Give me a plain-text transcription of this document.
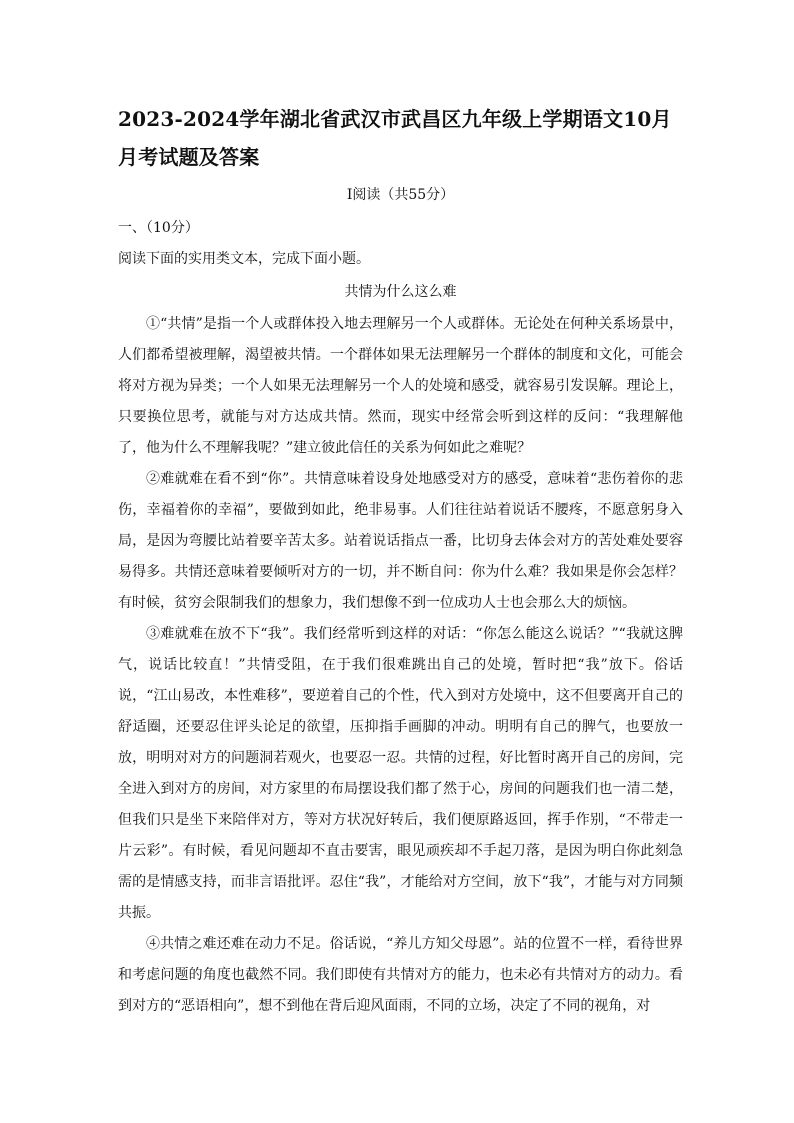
2023-2024学年湖北省武汉市武昌区九年级上学期语文10月月考试题及答案
Ⅰ阅读（共55分）
一、（10分）
阅读下面的实用类文本，完成下面小题。
共情为什么这么难

①“共情”是指一个人或群体投入地去理解另一个人或群体。无论处在何种关系场景中，人们都希望被理解，渴望被共情。一个群体如果无法理解另一个群体的制度和文化，可能会将对方视为异类；一个人如果无法理解另一个人的处境和感受，就容易引发误解。理论上，只要换位思考，就能与对方达成共情。然而，现实中经常会听到这样的反问：“我理解他了，他为什么不理解我呢？”建立彼此信任的关系为何如此之难呢？

②难就难在看不到“你”。共情意味着设身处地感受对方的感受，意味着“悲伤着你的悲伤，幸福着你的幸福”，要做到如此，绝非易事。人们往往站着说话不腰疼，不愿意躬身入局，是因为弯腰比站着要辛苦太多。站着说话指点一番，比切身去体会对方的苦处难处要容易得多。共情还意味着要倾听对方的一切，并不断自问：你为什么难？我如果是你会怎样？有时候，贫穷会限制我们的想象力，我们想像不到一位成功人士也会那么大的烦恼。

③难就难在放不下“我”。我们经常听到这样的对话：“你怎么能这么说话？”“我就这脾气，说话比较直！”共情受阻，在于我们很难跳出自己的处境，暂时把“我”放下。俗话说，“江山易改，本性难移”，要逆着自己的个性，代入到对方处境中，这不但要离开自己的舒适圈，还要忍住评头论足的欲望，压抑指手画脚的冲动。明明有自己的脾气，也要放一放，明明对对方的问题洞若观火，也要忍一忍。共情的过程，好比暂时离开自己的房间，完全进入到对方的房间，对方家里的布局摆设我们都了然于心，房间的问题我们也一清二楚，但我们只是坐下来陪伴对方，等对方状况好转后，我们便原路返回，挥手作别，“不带走一片云彩”。有时候，看见问题却不直击要害，眼见顽疾却不手起刀落，是因为明白你此刻急需的是情感支持，而非言语批评。忍住“我”，才能给对方空间，放下“我”，才能与对方同频共振。

④共情之难还难在动力不足。俗话说，“养儿方知父母恩”。站的位置不一样，看待世界和考虑问题的角度也截然不同。我们即使有共情对方的能力，也未必有共情对方的动力。看到对方的“恶语相向”，想不到他在背后迎风面雨，不同的立场，决定了不同的视角，对
